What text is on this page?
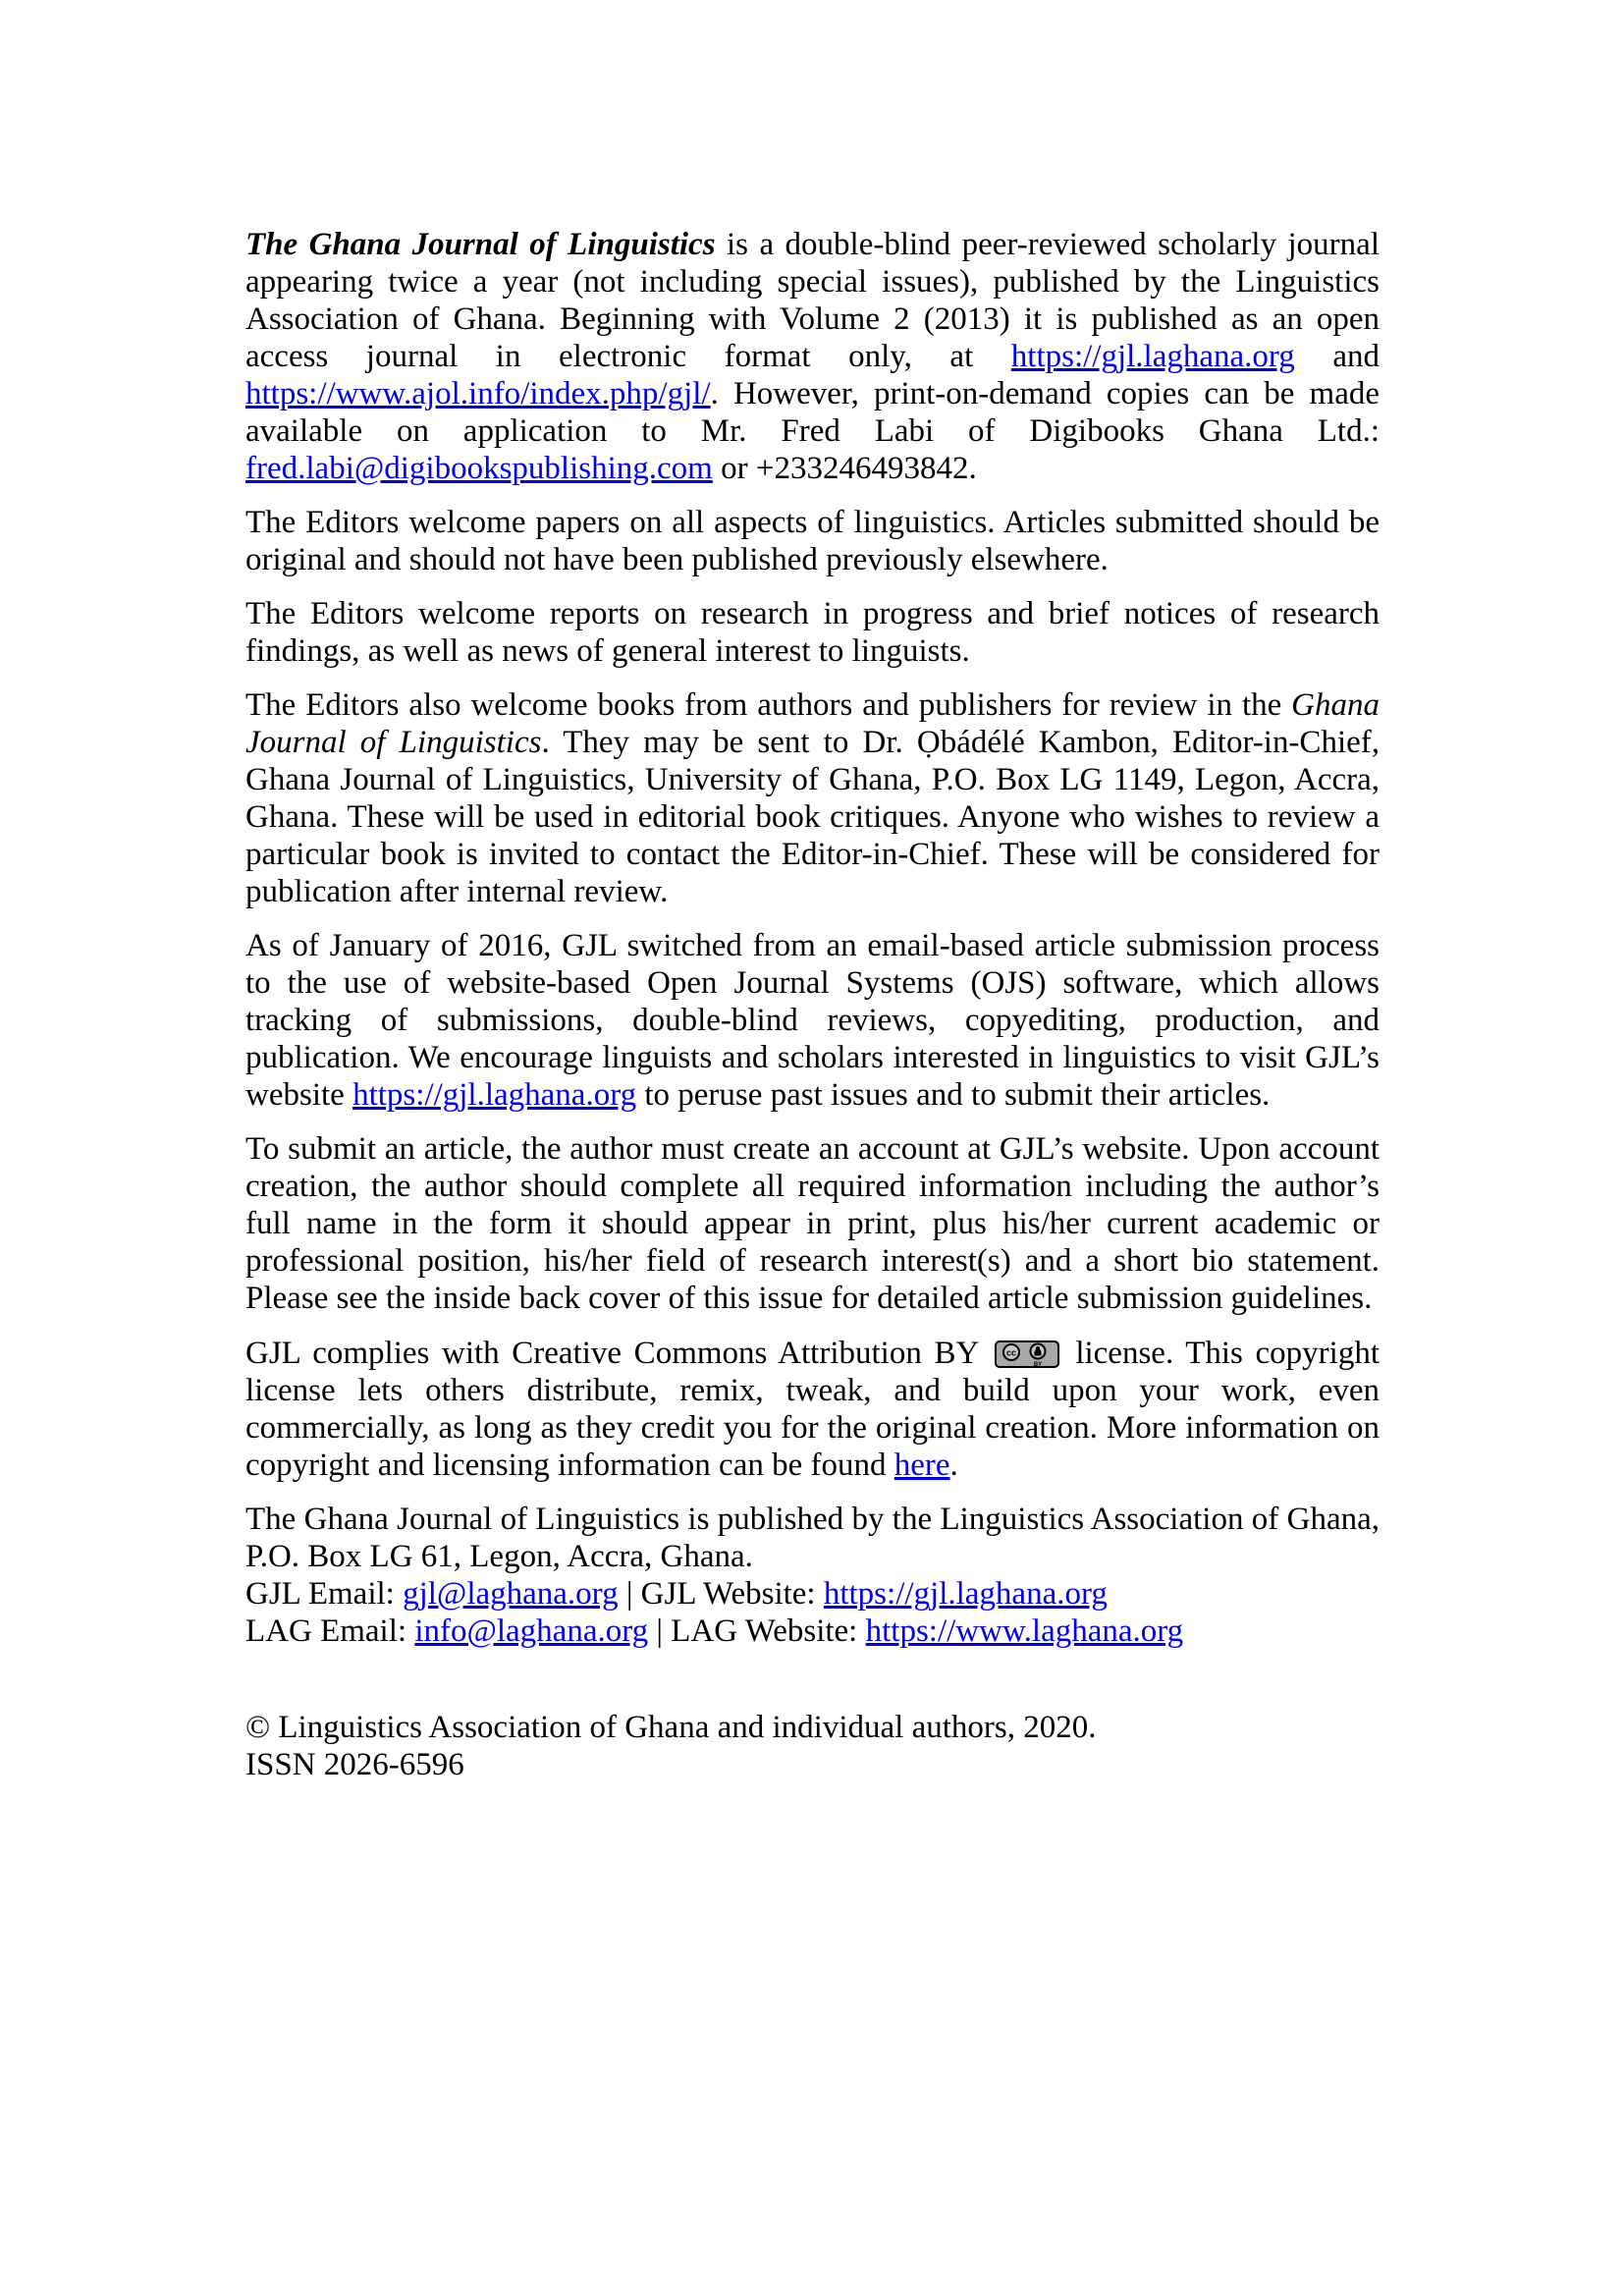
The Ghana Journal of Linguistics is a double-blind peer-reviewed scholarly journal appearing twice a year (not including special issues), published by the Linguistics Association of Ghana. Beginning with Volume 2 (2013) it is published as an open access journal in electronic format only, at https://gjl.laghana.org and https://www.ajol.info/index.php/gjl/. However, print-on-demand copies can be made available on application to Mr. Fred Labi of Digibooks Ghana Ltd.: fred.labi@digibookspublishing.com or +233246493842.

The Editors welcome papers on all aspects of linguistics. Articles submitted should be original and should not have been published previously elsewhere.

The Editors welcome reports on research in progress and brief notices of research findings, as well as news of general interest to linguists.

The Editors also welcome books from authors and publishers for review in the Ghana Journal of Linguistics. They may be sent to Dr. Ọbádélé Kambon, Editor-in-Chief, Ghana Journal of Linguistics, University of Ghana, P.O. Box LG 1149, Legon, Accra, Ghana. These will be used in editorial book critiques. Anyone who wishes to review a particular book is invited to contact the Editor-in-Chief. These will be considered for publication after internal review.

As of January of 2016, GJL switched from an email-based article submission process to the use of website-based Open Journal Systems (OJS) software, which allows tracking of submissions, double-blind reviews, copyediting, production, and publication. We encourage linguists and scholars interested in linguistics to visit GJL’s website https://gjl.laghana.org to peruse past issues and to submit their articles.

To submit an article, the author must create an account at GJL’s website. Upon account creation, the author should complete all required information including the author’s full name in the form it should appear in print, plus his/her current academic or professional position, his/her field of research interest(s) and a short bio statement. Please see the inside back cover of this issue for detailed article submission guidelines.

GJL complies with Creative Commons Attribution BY cc
BY license. This copyright license lets others distribute, remix, tweak, and build upon your work, even commercially, as long as they credit you for the original creation. More information on copyright and licensing information can be found here.

The Ghana Journal of Linguistics is published by the Linguistics Association of Ghana, P.O. Box LG 61, Legon, Accra, Ghana.
GJL Email: gjl@laghana.org | GJL Website: https://gjl.laghana.org
LAG Email: info@laghana.org | LAG Website: https://www.laghana.org

© Linguistics Association of Ghana and individual authors, 2020.
ISSN 2026-6596
